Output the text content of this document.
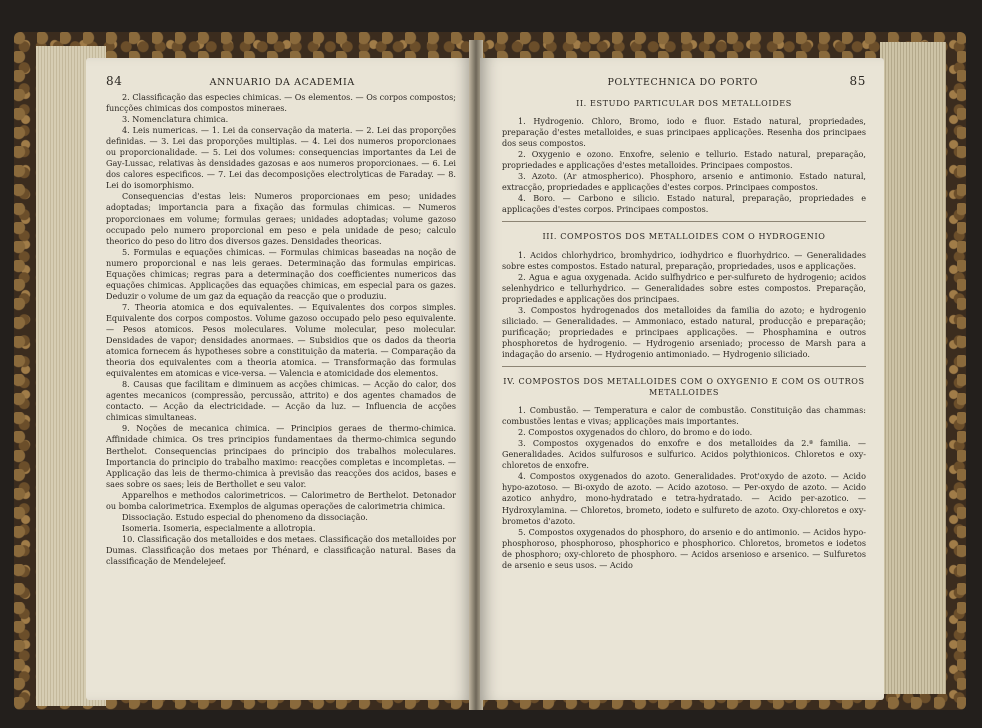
84	ANNUARIO DA ACADEMIA

2. Classificação das especies chimicas. — Os elementos. — Os corpos compostos; funcções chimicas dos compostos mineraes.

3. Nomenclatura chimica.

4. Leis numericas. — 1. Lei da conservação da materia. — 2. Lei das proporções definidas. — 3. Lei das proporções multiplas. — 4. Lei dos numeros proporcionaes ou proporcionalidade. — 5. Lei dos volumes: consequencias importantes da Lei de Gay-Lussac, relativas às densidades gazosas e aos numeros proporcionaes. — 6. Lei dos calores especificos. — 7. Lei das decomposições electrolyticas de Faraday. — 8. Lei do isomorphismo.

Consequencias d'estas leis: Numeros proporcionaes em peso; unidades adoptadas; importancia para a fixação das formulas chimicas. — Numeros proporcionaes em volume; formulas geraes; unidades adoptadas; volume gazoso occupado pelo numero proporcional em peso e pela unidade de peso; calculo theorico do peso do litro dos diversos gazes. Densidades theoricas.

5. Formulas e equações chimicas. — Formulas chimicas baseadas na noção de numero proporcional e nas leis geraes. Determinação das formulas empiricas. Equações chimicas; regras para a determinação dos coefficientes numericos das equações chimicas. Applicações das equações chimicas, em especial para os gazes. Deduzir o volume de um gaz da equação da reacção que o produziu.

7. Theoria atomica e dos equivalentes. — Equivalentes dos corpos simples. Equivalente dos corpos compostos. Volume gazoso occupado pelo peso equivalente. — Pesos atomicos. Pesos moleculares. Volume molecular, peso molecular. Densidades de vapor; densidades anormaes. — Subsidios que os dados da theoria atomica fornecem ás hypotheses sobre a constituição da materia. — Comparação da theoria dos equivalentes com a theoria atomica. — Transformação das formulas equivalentes em atomicas e vice-versa. — Valencia e atomicidade dos elementos.

8. Causas que facilitam e diminuem as acções chimicas. — Acção do calor, dos agentes mecanicos (compressão, percussão, attrito) e dos agentes chamados de contacto. — Acção da electricidade. — Acção da luz. — Influencia de acções chimicas simultaneas.

9. Noções de mecanica chimica. — Principios geraes de thermo-chimica. Affinidade chimica. Os tres principios fundamentaes da thermo-chimica segundo Berthelot. Consequencias principaes do principio dos trabalhos moleculares. Importancia do principio do trabalho maximo: reacções completas e incompletas. — Applicação das leis de thermo-chimica à previsão das reacções dos acidos, bases e saes sobre os saes; leis de Berthollet e seu valor.

Apparelhos e methodos calorimetricos. — Calorimetro de Berthelot. Detonador ou bomba calorimetrica. Exemplos de algumas operações de calorimetria chimica.

Dissociação. Estudo especial do phenomeno da dissociação.

Isomeria. Isomeria, especialmente a allotropia.

10. Classificação dos metalloides e dos metaes. Classificação dos metalloides por Dumas. Classificação dos metaes por Thénard, e classificação natural. Bases da classificação de Mendelejeef.

POLYTECHNICA DO PORTO	85
II. ESTUDO PARTICULAR DOS METALLOIDES

1. Hydrogenio. Chloro, Bromo, iodo e fluor. Estado natural, propriedades, preparação d'estes metalloides, e suas principaes applicações. Resenha dos principaes dos seus compostos.

2. Oxygenio e ozono. Enxofre, selenio e tellurio. Estado natural, preparação, propriedades e applicações d'estes metalloides. Principaes compostos.

3. Azoto. (Ar atmospherico). Phosphoro, arsenio e antimonio. Estado natural, extracção, propriedades e applicações d'estes corpos. Principaes compostos.

4. Boro. — Carbono e silicio. Estado natural, preparação, propriedades e applicações d'estes corpos. Principaes compostos.

III. COMPOSTOS DOS METALLOIDES COM O HYDROGENIO

1. Acidos chlorhydrico, bromhydrico, iodhydrico e fluorhydrico. — Generalidades sobre estes compostos. Estado natural, preparação, propriedades, usos e applicações.

2. Agua e agua oxygenada. Acido sulfhydrico e per-sulfureto de hydrogenio; acidos selenhydrico e tellurhydrico. — Generalidades sobre estes compostos. Preparação, propriedades e applicações dos principaes.

3. Compostos hydrogenados dos metalloides da familia do azoto; e hydrogenio siliciado. — Generalidades. — Ammoniaco, estado natural, producção e preparação; purificação; propriedades e principaes applicações. — Phosphamina e outros phosphoretos de hydrogenio. — Hydrogenio arseniado; processo de Marsh para a indagação do arsenio. — Hydrogenio antimoniado. — Hydrogenio siliciado.

IV. COMPOSTOS DOS METALLOIDES COM O OXYGENIO E COM OS OUTROS METALLOIDES

1. Combustão. — Temperatura e calor de combustão. Constituição das chammas: combustões lentas e vivas; applicações mais importantes.

2. Compostos oxygenados do chloro, do bromo e do iodo.

3. Compostos oxygenados do enxofre e dos metalloides da 2.ª familia. — Generalidades. Acidos sulfurosos e sulfurico. Acidos polythionicos. Chloretos e oxy-chloretos de enxofre.

4. Compostos oxygenados do azoto. Generalidades. Prot'oxydo de azoto. — Acido hypo-azotoso. — Bi-oxydo de azoto. — Acido azotoso. — Per-oxydo de azoto. — Acido azotico anhydro, mono-hydratado e tetra-hydratado. — Acido per-azotico. — Hydroxylamina. — Chloretos, brometo, iodeto e sulfureto de azoto. Oxy-chloretos e oxy-brometos d'azoto.

5. Compostos oxygenados do phosphoro, do arsenio e do antimonio. — Acidos hypo-phosphoroso, phosphoroso, phosphorico e phosphorico. Chloretos, brometos e iodetos de phosphoro; oxy-chloreto de phosphoro. — Acidos arsenioso e arsenico. — Sulfuretos de arsenio e seus usos. — Acido
